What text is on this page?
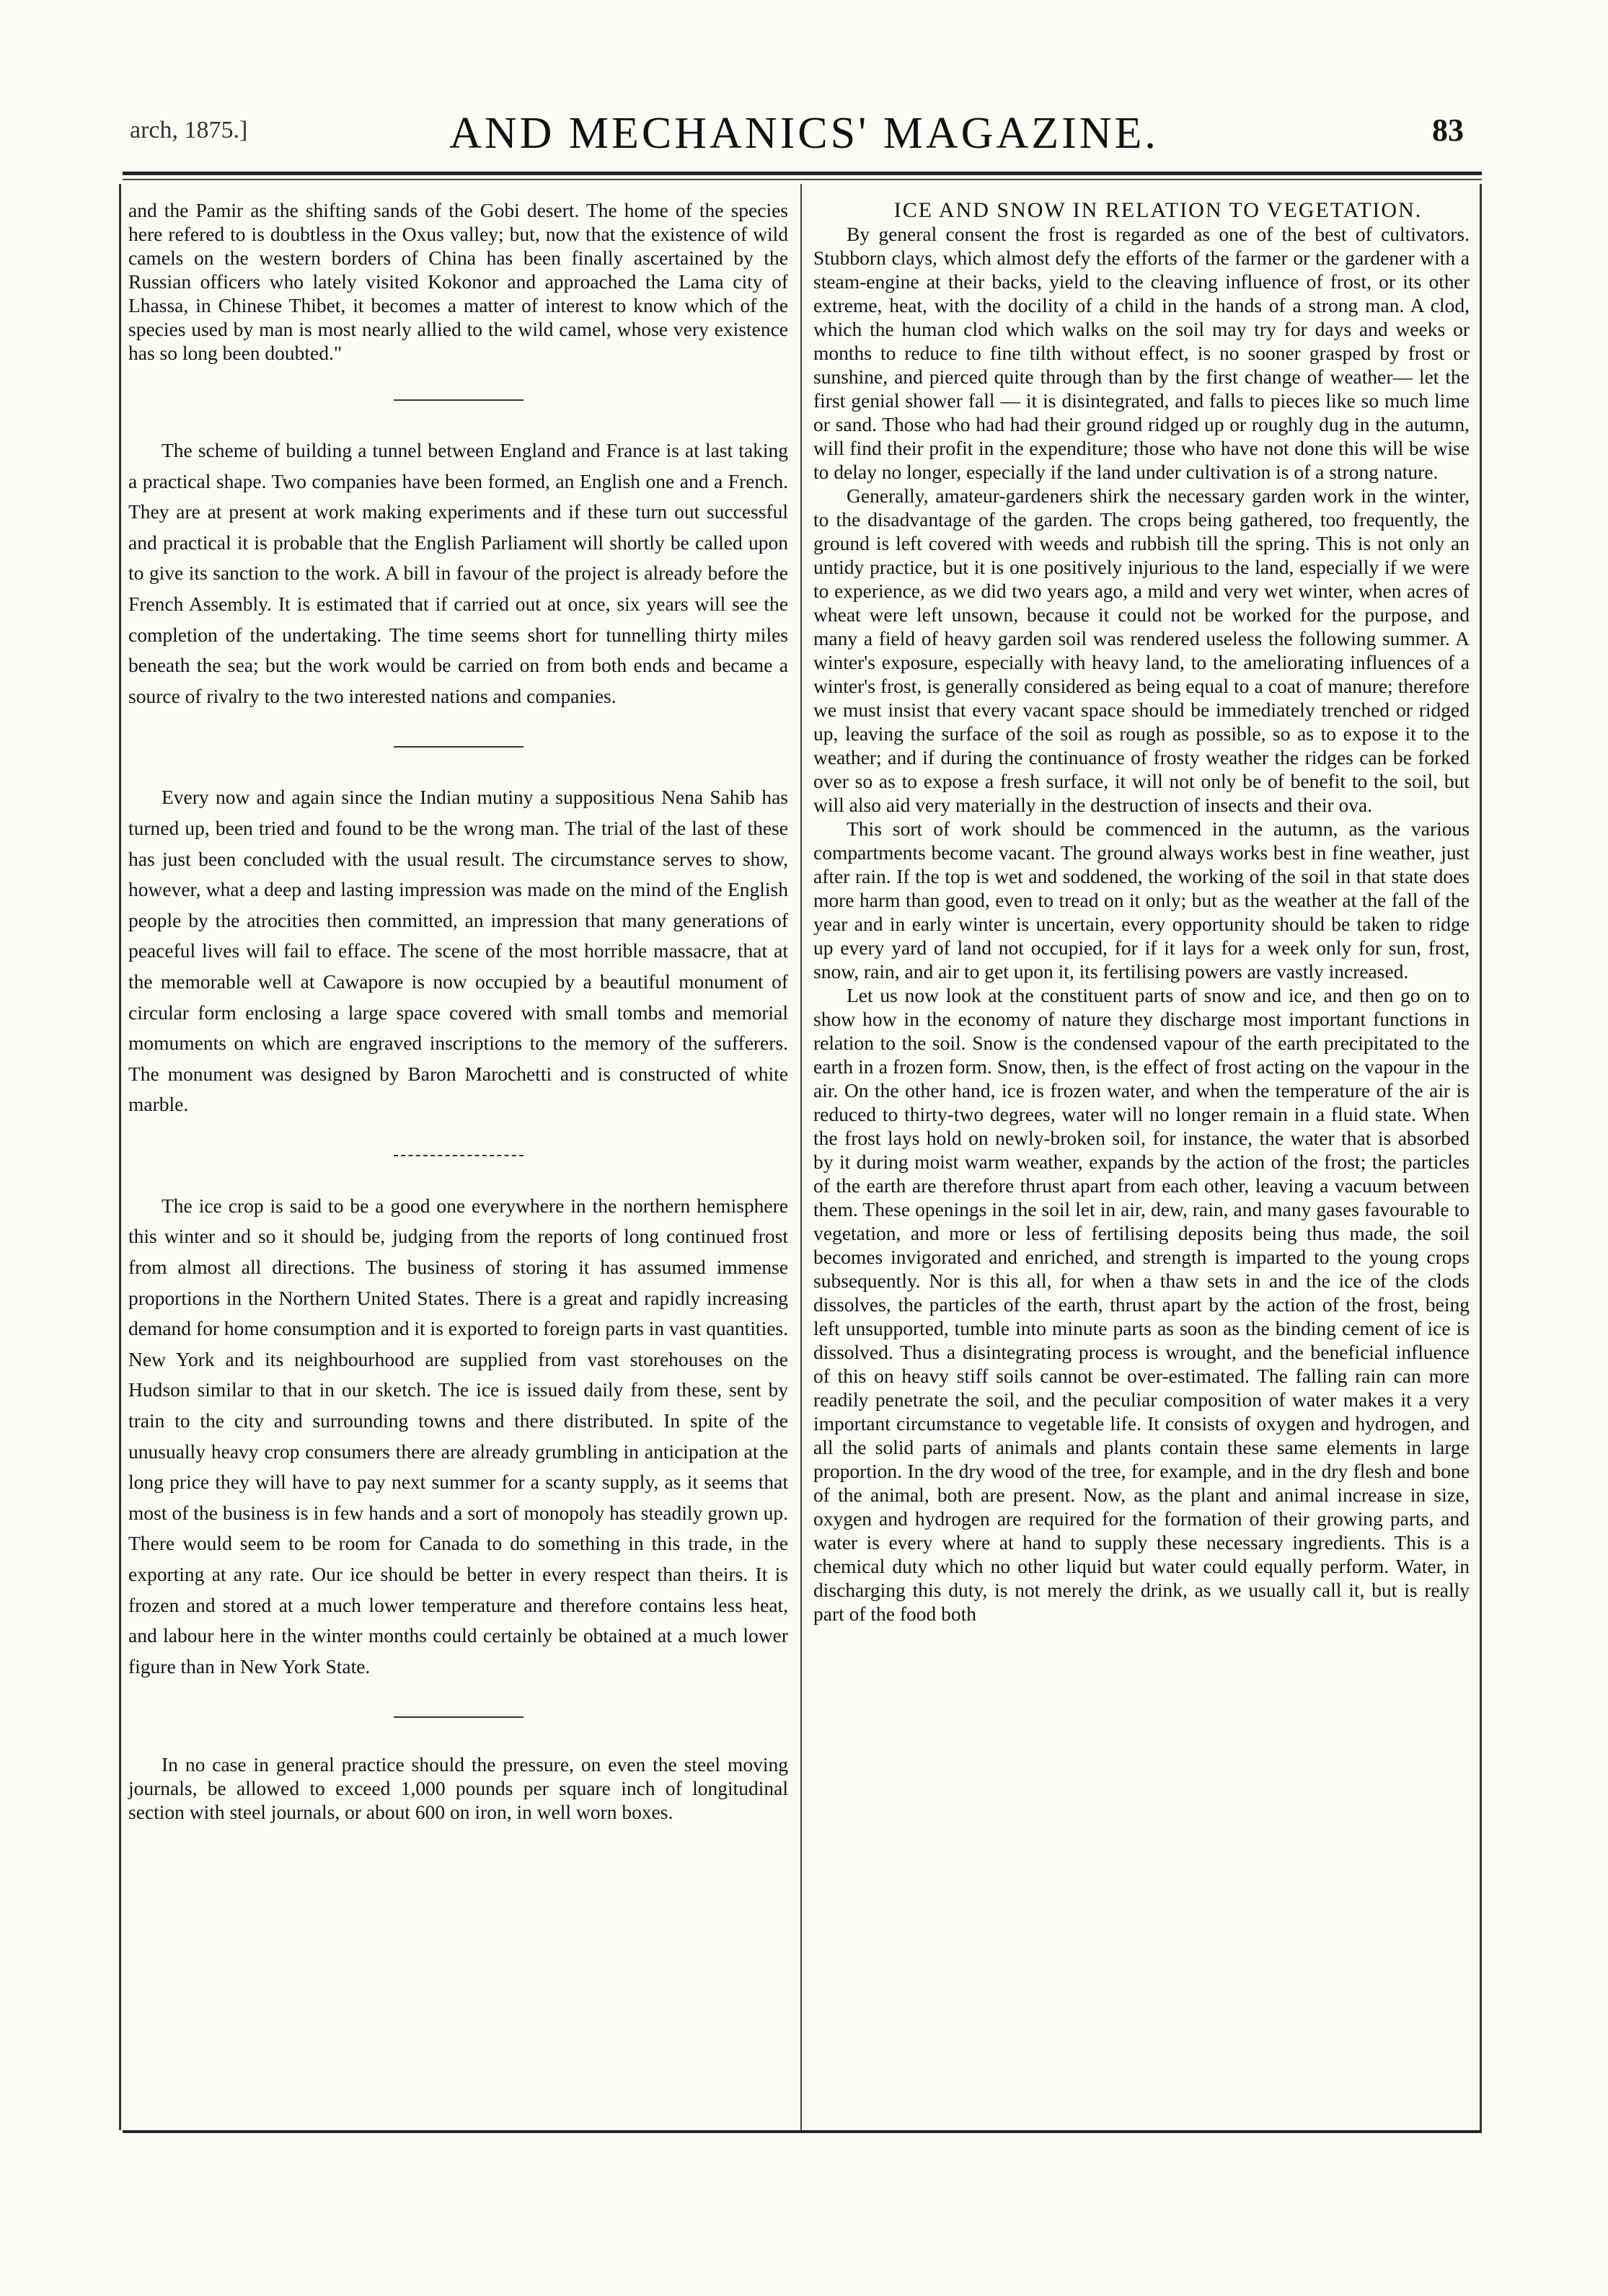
arch, 1875.]	AND MECHANICS' MAGAZINE.	83

and the Pamir as the shifting sands of the Gobi desert. The home of the species here refered to is doubtless in the Oxus valley; but, now that the existence of wild camels on the western borders of China has been finally ascertained by the Russian officers who lately visited Kokonor and approached the Lama city of Lhassa, in Chinese Thibet, it becomes a matter of interest to know which of the species used by man is most nearly allied to the wild camel, whose very existence has so long been doubted."

The scheme of building a tunnel between England and France is at last taking a practical shape. Two companies have been formed, an English one and a French. They are at present at work making experiments and if these turn out successful and practical it is probable that the English Parliament will shortly be called upon to give its sanction to the work. A bill in favour of the project is already before the French Assembly. It is estimated that if carried out at once, six years will see the completion of the undertaking. The time seems short for tunnelling thirty miles beneath the sea; but the work would be carried on from both ends and became a source of rivalry to the two interested nations and companies.

Every now and again since the Indian mutiny a suppositious Nena Sahib has turned up, been tried and found to be the wrong man. The trial of the last of these has just been concluded with the usual result. The circumstance serves to show, however, what a deep and lasting impression was made on the mind of the English people by the atrocities then committed, an impression that many generations of peaceful lives will fail to efface. The scene of the most horrible massacre, that at the memorable well at Cawapore is now occupied by a beautiful monument of circular form enclosing a large space covered with small tombs and memorial momuments on which are engraved inscriptions to the memory of the sufferers. The monument was designed by Baron Marochetti and is constructed of white marble.

The ice crop is said to be a good one everywhere in the northern hemisphere this winter and so it should be, judging from the reports of long continued frost from almost all directions. The business of storing it has assumed immense proportions in the Northern United States. There is a great and rapidly increasing demand for home consumption and it is exported to foreign parts in vast quantities. New York and its neighbourhood are supplied from vast storehouses on the Hudson similar to that in our sketch. The ice is issued daily from these, sent by train to the city and surrounding towns and there distributed. In spite of the unusually heavy crop consumers there are already grumbling in anticipation at the long price they will have to pay next summer for a scanty supply, as it seems that most of the business is in few hands and a sort of monopoly has steadily grown up. There would seem to be room for Canada to do something in this trade, in the exporting at any rate. Our ice should be better in every respect than theirs. It is frozen and stored at a much lower temperature and therefore contains less heat, and labour here in the winter months could certainly be obtained at a much lower figure than in New York State.

In no case in general practice should the pressure, on even the steel moving journals, be allowed to exceed 1,000 pounds per square inch of longitudinal section with steel journals, or about 600 on iron, in well worn boxes.

ICE AND SNOW IN RELATION TO VEGETATION.

By general consent the frost is regarded as one of the best of cultivators. Stubborn clays, which almost defy the efforts of the farmer or the gardener with a steam-engine at their backs, yield to the cleaving influence of frost, or its other extreme, heat, with the docility of a child in the hands of a strong man. A clod, which the human clod which walks on the soil may try for days and weeks or months to reduce to fine tilth without effect, is no sooner grasped by frost or sunshine, and pierced quite through than by the first change of weather— let the first genial shower fall — it is disintegrated, and falls to pieces like so much lime or sand. Those who had had their ground ridged up or roughly dug in the autumn, will find their profit in the expenditure; those who have not done this will be wise to delay no longer, especially if the land under cultivation is of a strong nature.

Generally, amateur-gardeners shirk the necessary garden work in the winter, to the disadvantage of the garden. The crops being gathered, too frequently, the ground is left covered with weeds and rubbish till the spring. This is not only an untidy practice, but it is one positively injurious to the land, especially if we were to experience, as we did two years ago, a mild and very wet winter, when acres of wheat were left unsown, because it could not be worked for the purpose, and many a field of heavy garden soil was rendered useless the following summer. A winter's exposure, especially with heavy land, to the ameliorating influences of a winter's frost, is generally considered as being equal to a coat of manure; therefore we must insist that every vacant space should be immediately trenched or ridged up, leaving the surface of the soil as rough as possible, so as to expose it to the weather; and if during the continuance of frosty weather the ridges can be forked over so as to expose a fresh surface, it will not only be of benefit to the soil, but will also aid very materially in the destruction of insects and their ova.

This sort of work should be commenced in the autumn, as the various compartments become vacant. The ground always works best in fine weather, just after rain. If the top is wet and soddened, the working of the soil in that state does more harm than good, even to tread on it only; but as the weather at the fall of the year and in early winter is uncertain, every opportunity should be taken to ridge up every yard of land not occupied, for if it lays for a week only for sun, frost, snow, rain, and air to get upon it, its fertilising powers are vastly increased.

Let us now look at the constituent parts of snow and ice, and then go on to show how in the economy of nature they discharge most important functions in relation to the soil. Snow is the condensed vapour of the earth precipitated to the earth in a frozen form. Snow, then, is the effect of frost acting on the vapour in the air. On the other hand, ice is frozen water, and when the temperature of the air is reduced to thirty-two degrees, water will no longer remain in a fluid state. When the frost lays hold on newly-broken soil, for instance, the water that is absorbed by it during moist warm weather, expands by the action of the frost; the particles of the earth are therefore thrust apart from each other, leaving a vacuum between them. These openings in the soil let in air, dew, rain, and many gases favourable to vegetation, and more or less of fertilising deposits being thus made, the soil becomes invigorated and enriched, and strength is imparted to the young crops subsequently. Nor is this all, for when a thaw sets in and the ice of the clods dissolves, the particles of the earth, thrust apart by the action of the frost, being left unsupported, tumble into minute parts as soon as the binding cement of ice is dissolved. Thus a disintegrating process is wrought, and the beneficial influence of this on heavy stiff soils cannot be over-estimated. The falling rain can more readily penetrate the soil, and the peculiar composition of water makes it a very important circumstance to vegetable life. It consists of oxygen and hydrogen, and all the solid parts of animals and plants contain these same elements in large proportion. In the dry wood of the tree, for example, and in the dry flesh and bone of the animal, both are present. Now, as the plant and animal increase in size, oxygen and hydrogen are required for the formation of their growing parts, and water is every where at hand to supply these necessary ingredients. This is a chemical duty which no other liquid but water could equally perform. Water, in discharging this duty, is not merely the drink, as we usually call it, but is really part of the food both
